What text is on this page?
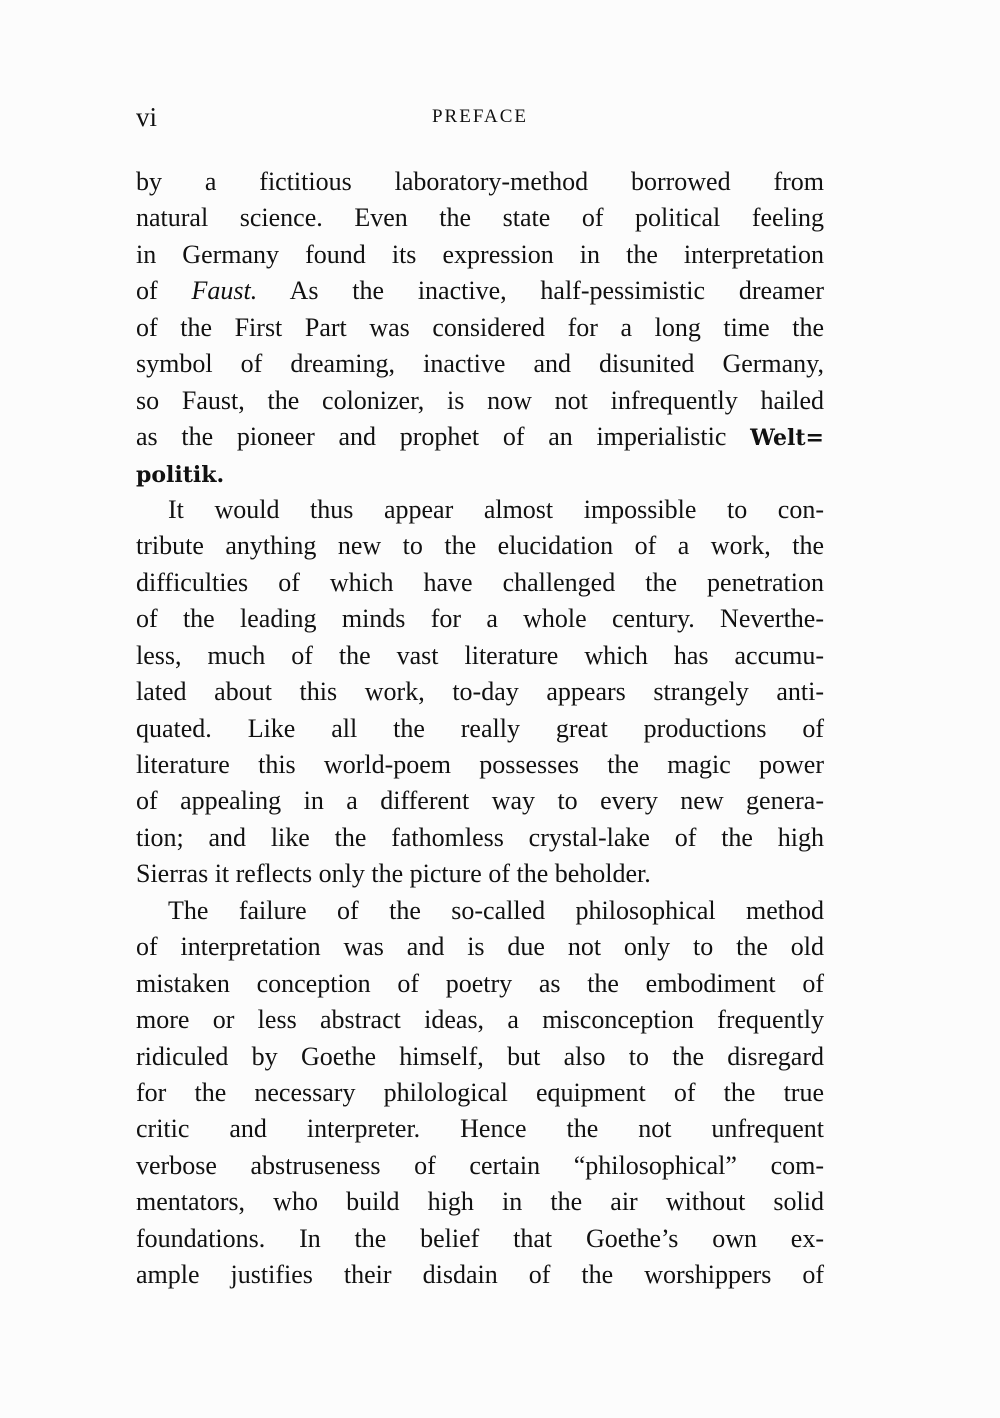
vi	PREFACE
by a fictitious laboratory-method borrowed from
natural science. Even the state of political feeling
in Germany found its expression in the interpretation
of Faust. As the inactive, half-pessimistic dreamer
of the First Part was considered for a long time the
symbol of dreaming, inactive and disunited Germany,
so Faust, the colonizer, is now not infrequently hailed
as the pioneer and prophet of an imperialistic Welt=
politik.
It would thus appear almost impossible to con-
tribute anything new to the elucidation of a work, the
difficulties of which have challenged the penetration
of the leading minds for a whole century. Neverthe-
less, much of the vast literature which has accumu-
lated about this work, to-day appears strangely anti-
quated. Like all the really great productions of
literature this world-poem possesses the magic power
of appealing in a different way to every new genera-
tion; and like the fathomless crystal-lake of the high
Sierras it reflects only the picture of the beholder.
The failure of the so-called philosophical method
of interpretation was and is due not only to the old
mistaken conception of poetry as the embodiment of
more or less abstract ideas, a misconception frequently
ridiculed by Goethe himself, but also to the disregard
for the necessary philological equipment of the true
critic and interpreter. Hence the not unfrequent
verbose abstruseness of certain “philosophical” com-
mentators, who build high in the air without solid
foundations. In the belief that Goethe’s own ex-
ample justifies their disdain of the worshippers of
